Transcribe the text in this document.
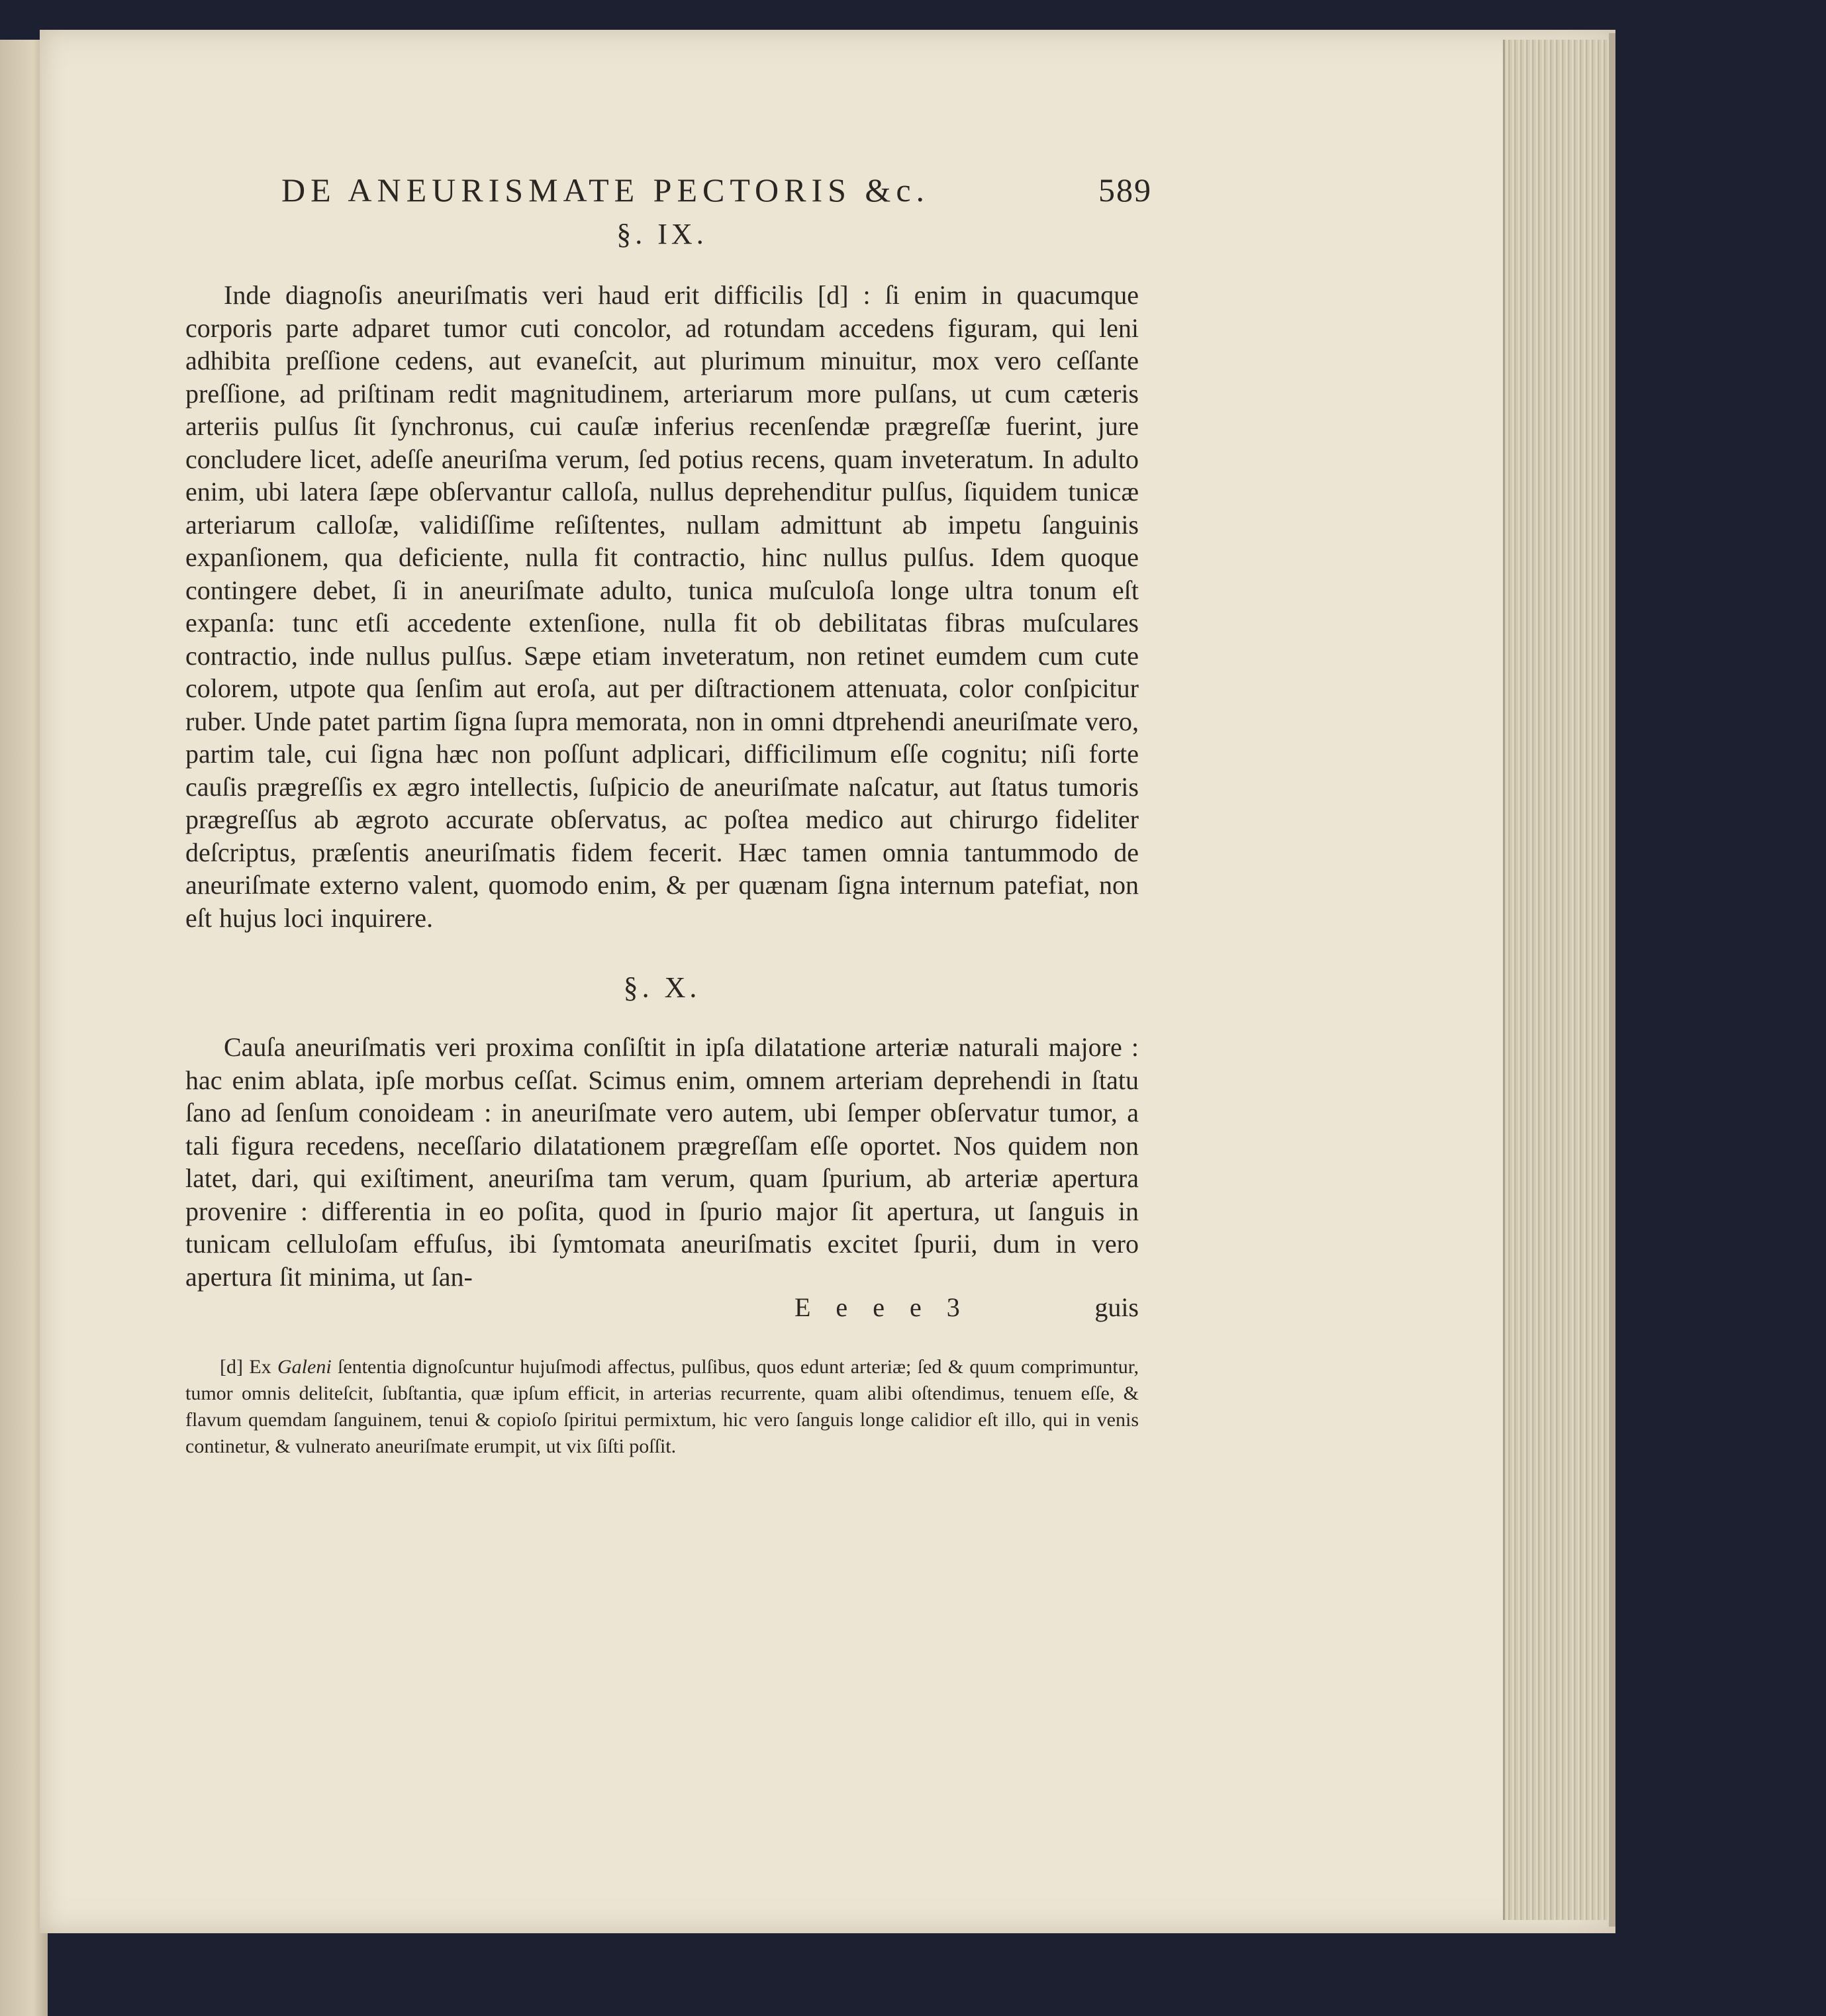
DE ANEURISMATE PECTORIS &c.	589
§. IX.

Inde diagnoſis aneuriſmatis veri haud erit difficilis [d] : ſi enim in quacumque corporis parte adparet tumor cuti concolor, ad rotundam accedens figuram, qui leni adhibita preſſione cedens, aut evaneſcit, aut plurimum minuitur, mox vero ceſſante preſſione, ad priſtinam redit magnitudinem, arteriarum more pulſans, ut cum cæteris arteriis pulſus ſit ſynchronus, cui cauſæ inferius recenſendæ prægreſſæ fuerint, jure concludere licet, adeſſe aneuriſma verum, ſed potius recens, quam inveteratum. In adulto enim, ubi latera ſæpe obſervantur calloſa, nullus deprehenditur pulſus, ſiquidem tunicæ arteriarum calloſæ, validiſſime reſiſtentes, nullam admittunt ab impetu ſanguinis expanſionem, qua deficiente, nulla fit contractio, hinc nullus pulſus. Idem quoque contingere debet, ſi in aneuriſmate adulto, tunica muſculoſa longe ultra tonum eſt expanſa: tunc etſi accedente extenſione, nulla fit ob debilitatas fibras muſculares contractio, inde nullus pulſus. Sæpe etiam inveteratum, non retinet eumdem cum cute colorem, utpote qua ſenſim aut eroſa, aut per diſtractionem attenuata, color conſpicitur ruber. Unde patet partim ſigna ſupra memorata, non in omni dtprehendi aneuriſmate vero, partim tale, cui ſigna hæc non poſſunt adplicari, difficilimum eſſe cognitu; niſi forte cauſis prægreſſis ex ægro intellectis, ſuſpicio de aneuriſmate naſcatur, aut ſtatus tumoris prægreſſus ab ægroto accurate obſervatus, ac poſtea medico aut chirurgo fideliter deſcriptus, præſentis aneuriſmatis fidem fecerit. Hæc tamen omnia tantummodo de aneuriſmate externo valent, quomodo enim, & per quænam ſigna internum patefiat, non eſt hujus loci inquirere.

§. X.

Cauſa aneuriſmatis veri proxima conſiſtit in ipſa dilatatione arteriæ naturali majore : hac enim ablata, ipſe morbus ceſſat. Scimus enim, omnem arteriam deprehendi in ſtatu ſano ad ſenſum conoideam : in aneuriſmate vero autem, ubi ſemper obſervatur tumor, a tali figura recedens, neceſſario dilatationem prægreſſam eſſe oportet. Nos quidem non latet, dari, qui exiſtiment, aneuriſma tam verum, quam ſpurium, ab arteriæ apertura provenire : differentia in eo poſita, quod in ſpurio major ſit apertura, ut ſanguis in tunicam celluloſam effuſus, ibi ſymtomata aneuriſmatis excitet ſpurii, dum in vero apertura ſit minima, ut ſan-

E e e e 3	guis

[d] Ex Galeni ſententia dignoſcuntur hujuſmodi affectus, pulſibus, quos edunt arteriæ; ſed & quum comprimuntur, tumor omnis deliteſcit, ſubſtantia, quæ ipſum efficit, in arterias recurrente, quam alibi oſtendimus, tenuem eſſe, & flavum quemdam ſanguinem, tenui & copioſo ſpiritui permixtum, hic vero ſanguis longe calidior eſt illo, qui in venis continetur, & vulnerato aneuriſmate erumpit, ut vix ſiſti poſſit.
